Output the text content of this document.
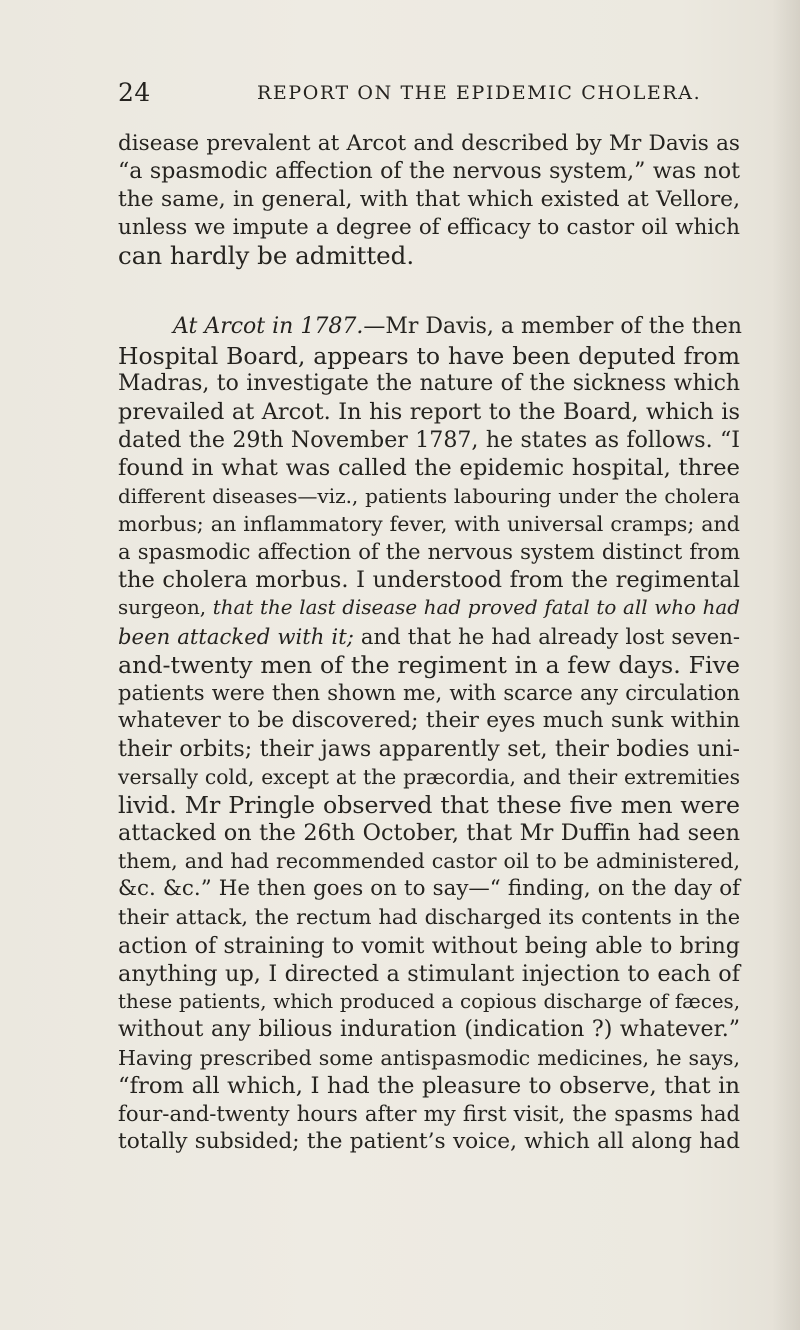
24	REPORT ON THE EPIDEMIC CHOLERA.

disease prevalent at Arcot and described by Mr Davis as
“a spasmodic affection of the nervous system,” was not
the same, in general, with that which existed at Vellore,
unless we impute a degree of efficacy to castor oil which
can hardly be admitted.

At Arcot in 1787.—Mr Davis, a member of the then
Hospital Board, appears to have been deputed from
Madras, to investigate the nature of the sickness which
prevailed at Arcot. In his report to the Board, which is
dated the 29th November 1787, he states as follows. “I
found in what was called the epidemic hospital, three
different diseases—viz., patients labouring under the cholera
morbus; an inflammatory fever, with universal cramps; and
a spasmodic affection of the nervous system distinct from
the cholera morbus. I understood from the regimental
surgeon, that the last disease had proved fatal to all who had
been attacked with it; and that he had already lost seven-
and-twenty men of the regiment in a few days. Five
patients were then shown me, with scarce any circulation
whatever to be discovered; their eyes much sunk within
their orbits; their jaws apparently set, their bodies uni-
versally cold, except at the præcordia, and their extremities
livid. Mr Pringle observed that these five men were
attacked on the 26th October, that Mr Duffin had seen
them, and had recommended castor oil to be administered,
&c. &c.” He then goes on to say—“ finding, on the day of
their attack, the rectum had discharged its contents in the
action of straining to vomit without being able to bring
anything up, I directed a stimulant injection to each of
these patients, which produced a copious discharge of fæces,
without any bilious induration (indication ?) whatever.”
Having prescribed some antispasmodic medicines, he says,
“from all which, I had the pleasure to observe, that in
four-and-twenty hours after my first visit, the spasms had
totally subsided; the patient’s voice, which all along had
